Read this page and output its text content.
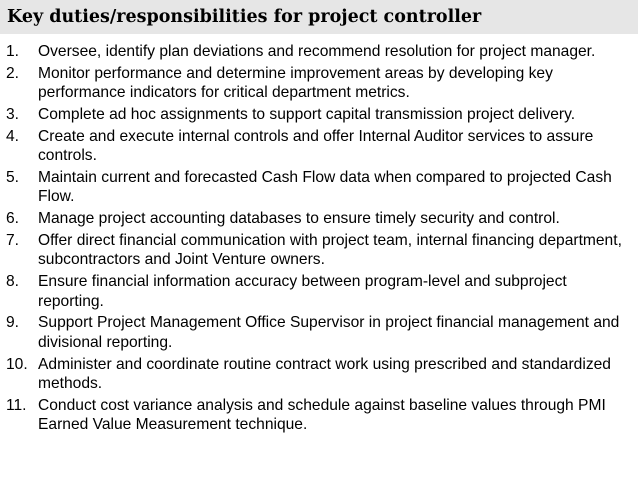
Key duties/responsibilities for project controller
1. Oversee, identify plan deviations and recommend resolution for project manager.
2. Monitor performance and determine improvement areas by developing key performance indicators for critical department metrics.
3. Complete ad hoc assignments to support capital transmission project delivery.
4. Create and execute internal controls and offer Internal Auditor services to assure controls.
5. Maintain current and forecasted Cash Flow data when compared to projected Cash Flow.
6. Manage project accounting databases to ensure timely security and control.
7. Offer direct financial communication with project team, internal financing department, subcontractors and Joint Venture owners.
8. Ensure financial information accuracy between program-level and subproject reporting.
9. Support Project Management Office Supervisor in project financial management and divisional reporting.
10. Administer and coordinate routine contract work using prescribed and standardized methods.
11. Conduct cost variance analysis and schedule against baseline values through PMI Earned Value Measurement technique.
